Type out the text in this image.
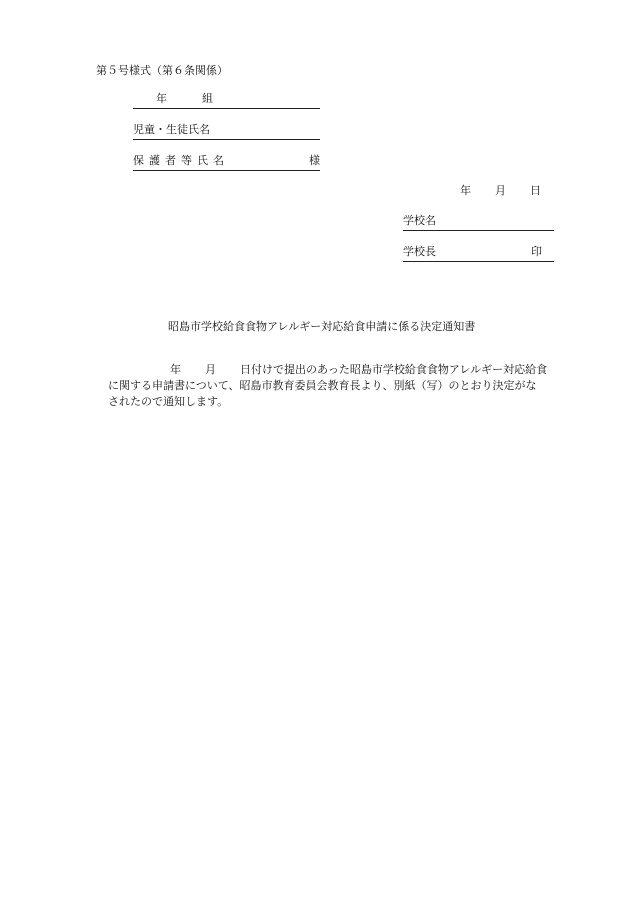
第５号様式（第６条関係）
年	組
児童・生徒氏名
保護者等氏名	様
年 月 日
学校名
学校長	印
昭島市学校給食食物アレルギー対応給食申請に係る決定通知書
年 月 日付けで提出のあった昭島市学校給食食物アレルギー対応給食
に関する申請書について、昭島市教育委員会教育長より、別紙（写）のとおり決定がな
されたので通知します。
